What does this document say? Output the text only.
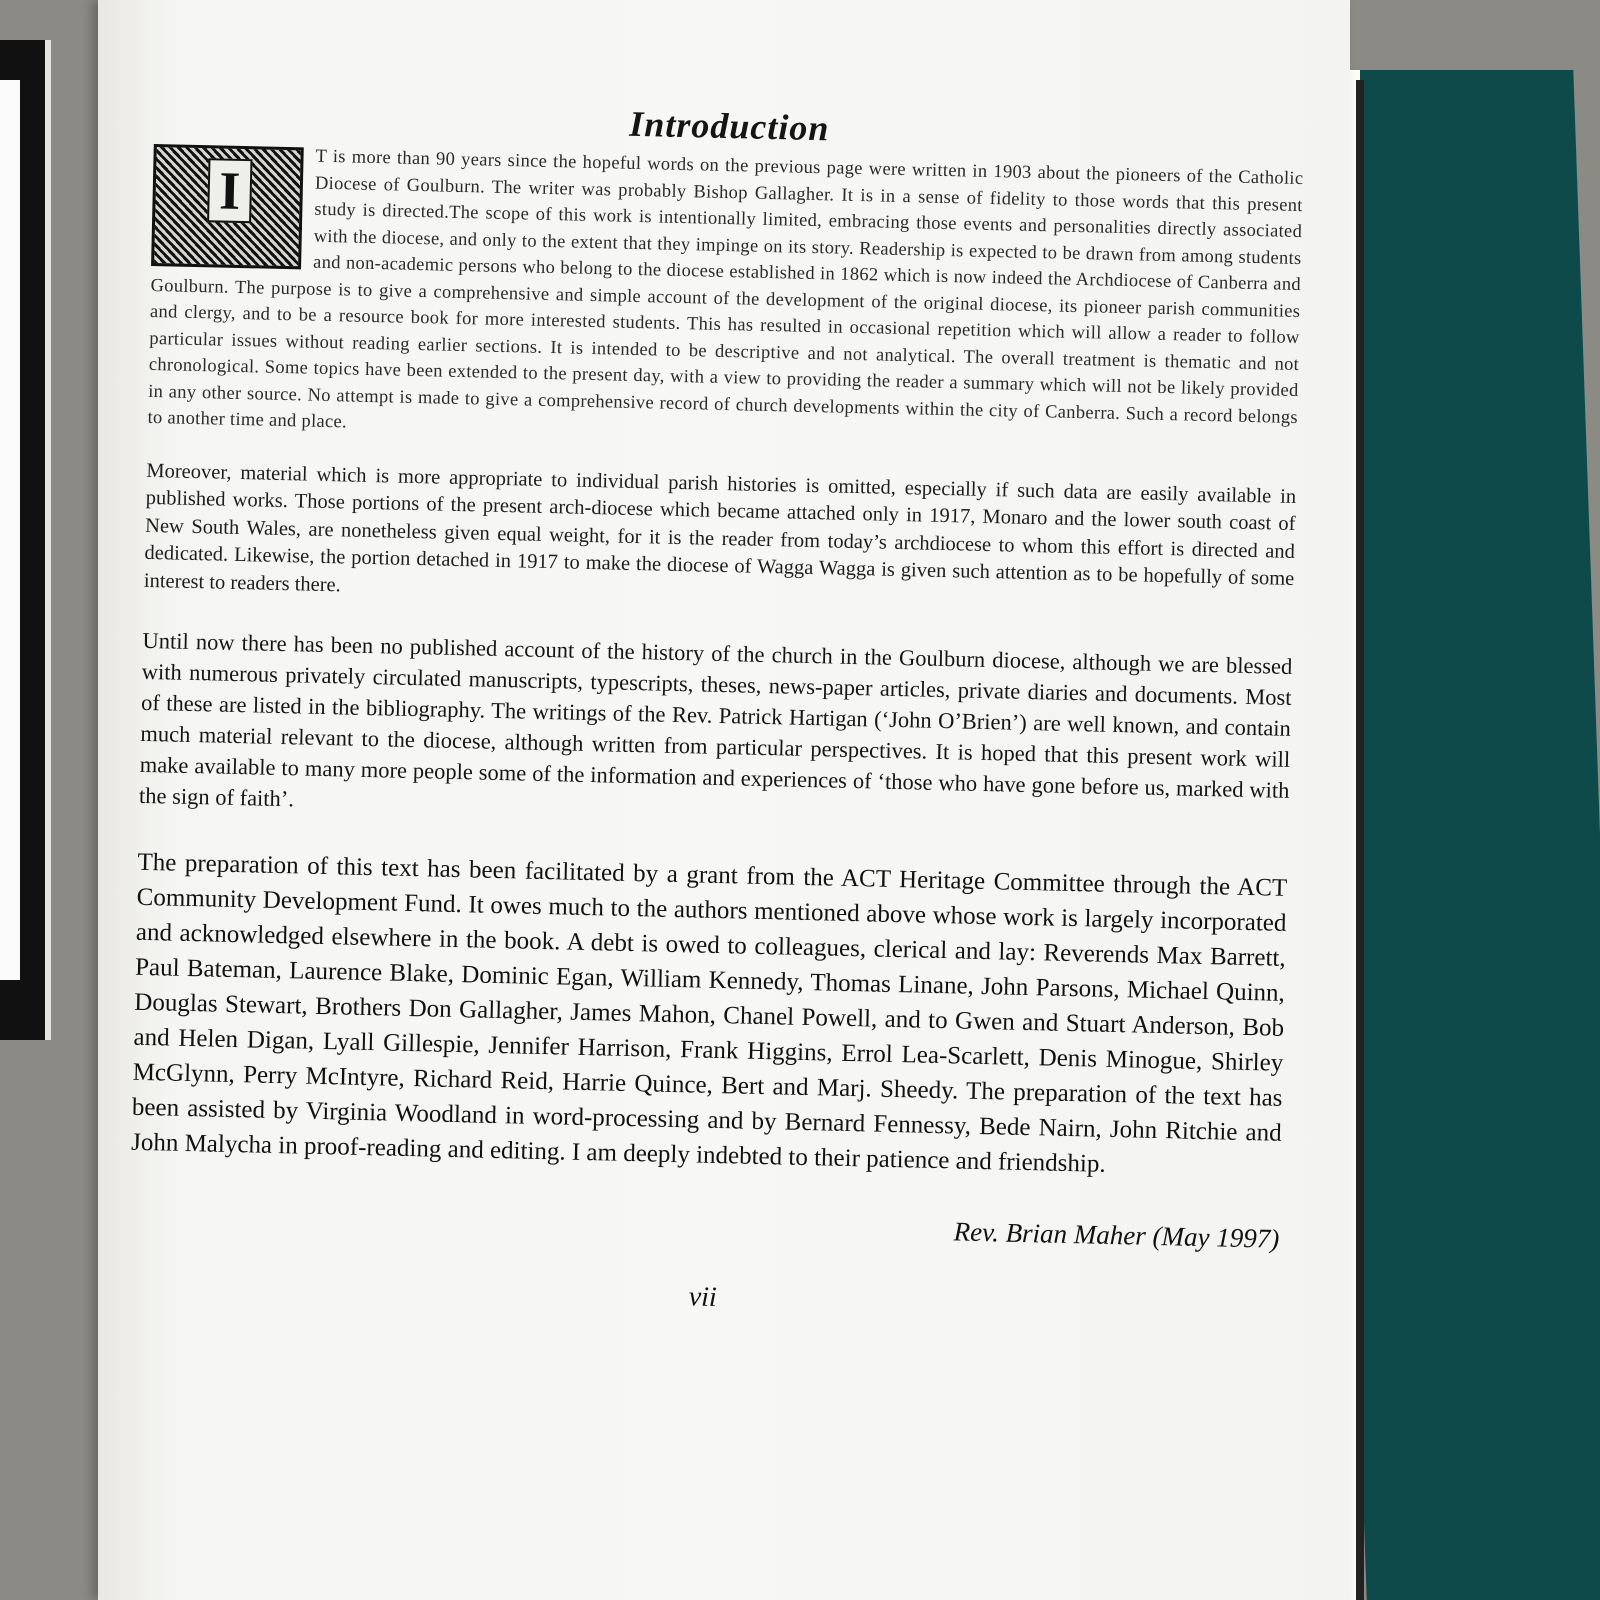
Introduction
I	T is more than 90 years since the hopeful words on the previous page were written in 1903 about the pioneers of the Catholic Diocese of Goulburn. The writer was probably Bishop Gallagher. It is in a sense of fidelity to those words that this present study is directed.The scope of this work is intentionally limited, embracing those events and personalities directly associated with the diocese, and only to the extent that they impinge on its story. Readership is expected to be drawn from among students and non-academic persons who belong to the diocese established in 1862 which is now indeed the Archdiocese of Canberra and Goulburn. The purpose is to give a comprehensive and simple account of the development of the original diocese, its pioneer parish communities and clergy, and to be a resource book for more interested students. This has resulted in occasional repetition which will allow a reader to follow particular issues without reading earlier sections. It is intended to be descriptive and not analytical. The overall treatment is thematic and not chronological. Some topics have been extended to the present day, with a view to providing the reader a summary which will not be likely provided in any other source. No attempt is made to give a comprehensive record of church developments within the city of Canberra. Such a record belongs to another time and place.

Moreover, material which is more appropriate to individual parish histories is omitted, especially if such data are easily available in published works. Those portions of the present arch-diocese which became attached only in 1917, Monaro and the lower south coast of New South Wales, are nonetheless given equal weight, for it is the reader from today’s archdiocese to whom this effort is directed and dedicated. Likewise, the portion detached in 1917 to make the diocese of Wagga Wagga is given such attention as to be hopefully of some interest to readers there.

Until now there has been no published account of the history of the church in the Goulburn diocese, although we are blessed with numerous privately circulated manuscripts, typescripts, theses, news-paper articles, private diaries and documents. Most of these are listed in the bibliography. The writings of the Rev. Patrick Hartigan (‘John O’Brien’) are well known, and contain much material relevant to the diocese, although written from particular perspectives. It is hoped that this present work will make available to many more people some of the information and experiences of ‘those who have gone before us, marked with the sign of faith’.

The preparation of this text has been facilitated by a grant from the ACT Heritage Committee through the ACT Community Development Fund. It owes much to the authors mentioned above whose work is largely incorporated and acknowledged elsewhere in the book. A debt is owed to colleagues, clerical and lay: Reverends Max Barrett, Paul Bateman, Laurence Blake, Dominic Egan, William Kennedy, Thomas Linane, John Parsons, Michael Quinn, Douglas Stewart, Brothers Don Gallagher, James Mahon, Chanel Powell, and to Gwen and Stuart Anderson, Bob and Helen Digan, Lyall Gillespie, Jennifer Harrison, Frank Higgins, Errol Lea-Scarlett, Denis Minogue, Shirley McGlynn, Perry McIntyre, Richard Reid, Harrie Quince, Bert and Marj. Sheedy. The preparation of the text has been assisted by Virginia Woodland in word-processing and by Bernard Fennessy, Bede Nairn, John Ritchie and John Malycha in proof-reading and editing. I am deeply indebted to their patience and friendship.

Rev. Brian Maher (May 1997)
vii
